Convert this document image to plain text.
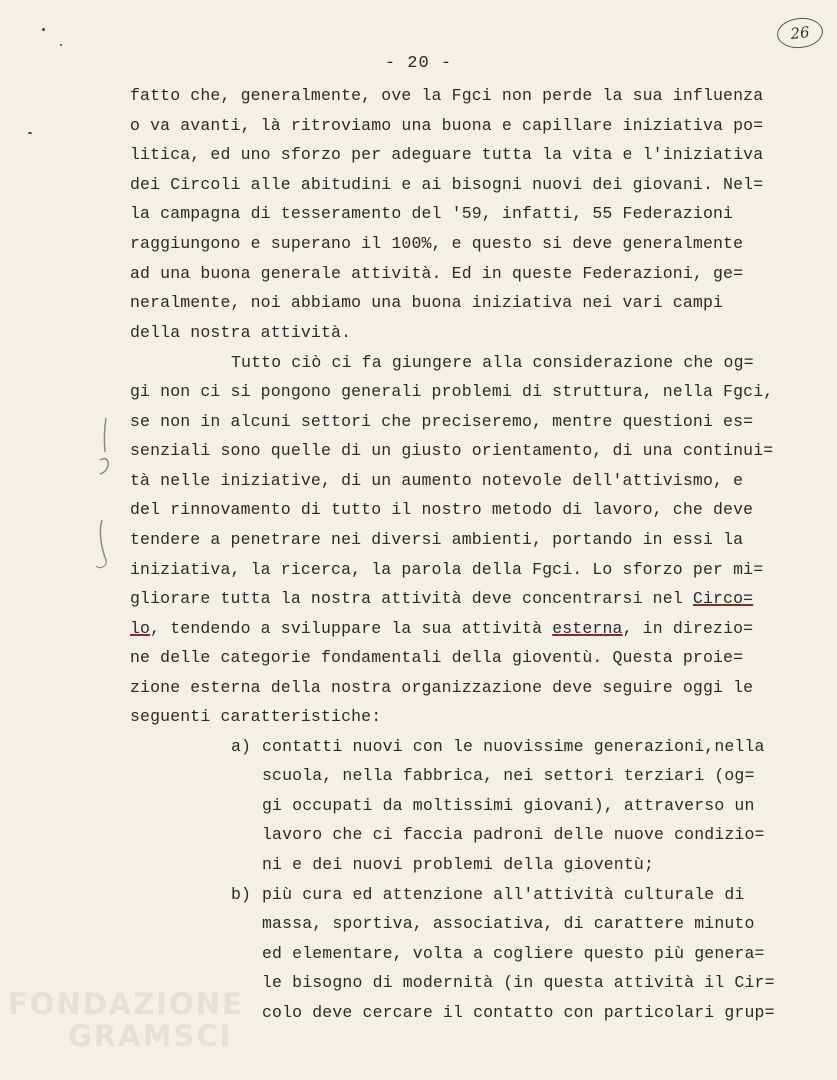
26
- 20 -
fatto che, generalmente, ove la Fgci non perde la sua influenza
o va avanti, là ritroviamo una buona e capillare iniziativa po=
litica, ed uno sforzo per adeguare tutta la vita e l'iniziativa
dei Circoli alle abitudini e ai bisogni nuovi dei giovani. Nel=
la campagna di tesseramento del '59, infatti, 55 Federazioni
raggiungono e superano il 100%, e questo si deve generalmente
ad una buona generale attività. Ed in queste Federazioni, ge=
neralmente, noi abbiamo una buona iniziativa nei vari campi
della nostra attività.
Tutto ciò ci fa giungere alla considerazione che og=
gi non ci si pongono generali problemi di struttura, nella Fgci,
se non in alcuni settori che preciseremo, mentre questioni es=
senziali sono quelle di un giusto orientamento, di una continui=
tà nelle iniziative, di un aumento notevole dell'attivismo, e
del rinnovamento di tutto il nostro metodo di lavoro, che deve
tendere a penetrare nei diversi ambienti, portando in essi la
iniziativa, la ricerca, la parola della Fgci. Lo sforzo per mi=
gliorare tutta la nostra attività deve concentrarsi nel Circo=
lo, tendendo a sviluppare la sua attività esterna, in direzio=
ne delle categorie fondamentali della gioventù. Questa proie=
zione esterna della nostra organizzazione deve seguire oggi le
seguenti caratteristiche:
a) contatti nuovi con le nuovissime generazioni,nella
scuola, nella fabbrica, nei settori terziari (og=
gi occupati da moltissimi giovani), attraverso un
lavoro che ci faccia padroni delle nuove condizio=
ni e dei nuovi problemi della gioventù;
b) più cura ed attenzione all'attività culturale di
massa, sportiva, associativa, di carattere minuto
ed elementare, volta a cogliere questo più genera=
le bisogno di modernità (in questa attività il Cir=
colo deve cercare il contatto con particolari grup=
FONDAZIONE
GRAMSCI
